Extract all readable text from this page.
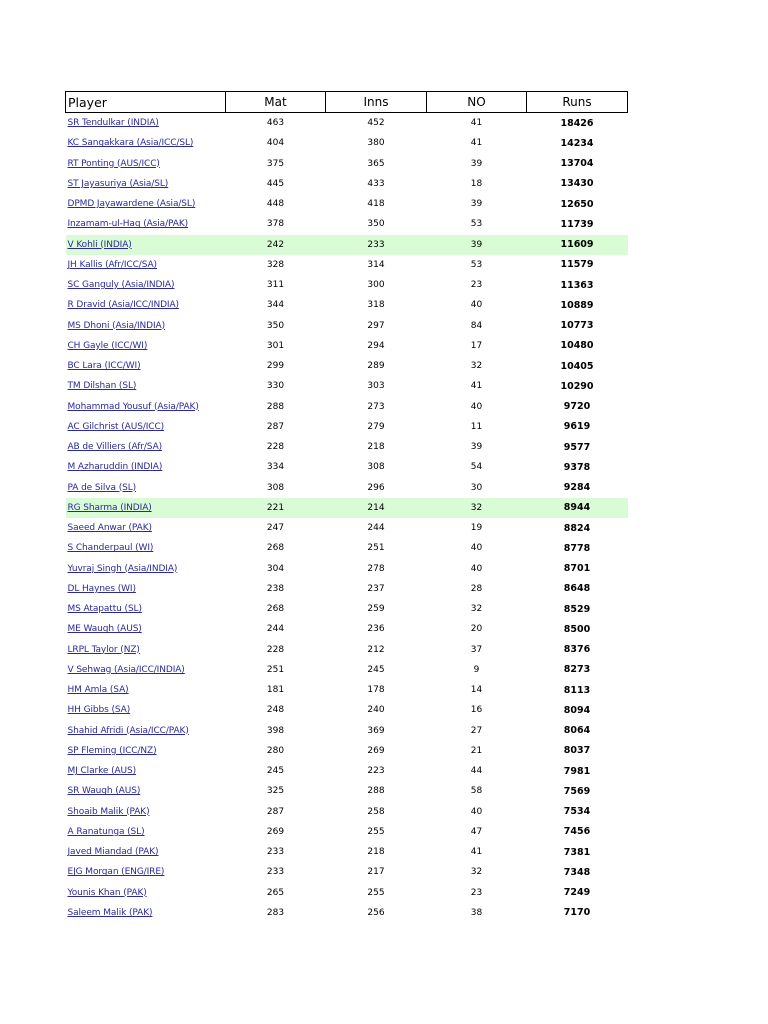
Player	Mat	Inns	NO	Runs
SR Tendulkar (INDIA)	463	452	41	18426
KC Sangakkara (Asia/ICC/SL)	404	380	41	14234
RT Ponting (AUS/ICC)	375	365	39	13704
ST Jayasuriya (Asia/SL)	445	433	18	13430
DPMD Jayawardene (Asia/SL)	448	418	39	12650
Inzamam-ul-Haq (Asia/PAK)	378	350	53	11739
V Kohli (INDIA)	242	233	39	11609
JH Kallis (Afr/ICC/SA)	328	314	53	11579
SC Ganguly (Asia/INDIA)	311	300	23	11363
R Dravid (Asia/ICC/INDIA)	344	318	40	10889
MS Dhoni (Asia/INDIA)	350	297	84	10773
CH Gayle (ICC/WI)	301	294	17	10480
BC Lara (ICC/WI)	299	289	32	10405
TM Dilshan (SL)	330	303	41	10290
Mohammad Yousuf (Asia/PAK)	288	273	40	9720
AC Gilchrist (AUS/ICC)	287	279	11	9619
AB de Villiers (Afr/SA)	228	218	39	9577
M Azharuddin (INDIA)	334	308	54	9378
PA de Silva (SL)	308	296	30	9284
RG Sharma (INDIA)	221	214	32	8944
Saeed Anwar (PAK)	247	244	19	8824
S Chanderpaul (WI)	268	251	40	8778
Yuvraj Singh (Asia/INDIA)	304	278	40	8701
DL Haynes (WI)	238	237	28	8648
MS Atapattu (SL)	268	259	32	8529
ME Waugh (AUS)	244	236	20	8500
LRPL Taylor (NZ)	228	212	37	8376
V Sehwag (Asia/ICC/INDIA)	251	245	9	8273
HM Amla (SA)	181	178	14	8113
HH Gibbs (SA)	248	240	16	8094
Shahid Afridi (Asia/ICC/PAK)	398	369	27	8064
SP Fleming (ICC/NZ)	280	269	21	8037
MJ Clarke (AUS)	245	223	44	7981
SR Waugh (AUS)	325	288	58	7569
Shoaib Malik (PAK)	287	258	40	7534
A Ranatunga (SL)	269	255	47	7456
Javed Miandad (PAK)	233	218	41	7381
EJG Morgan (ENG/IRE)	233	217	32	7348
Younis Khan (PAK)	265	255	23	7249
Saleem Malik (PAK)	283	256	38	7170
